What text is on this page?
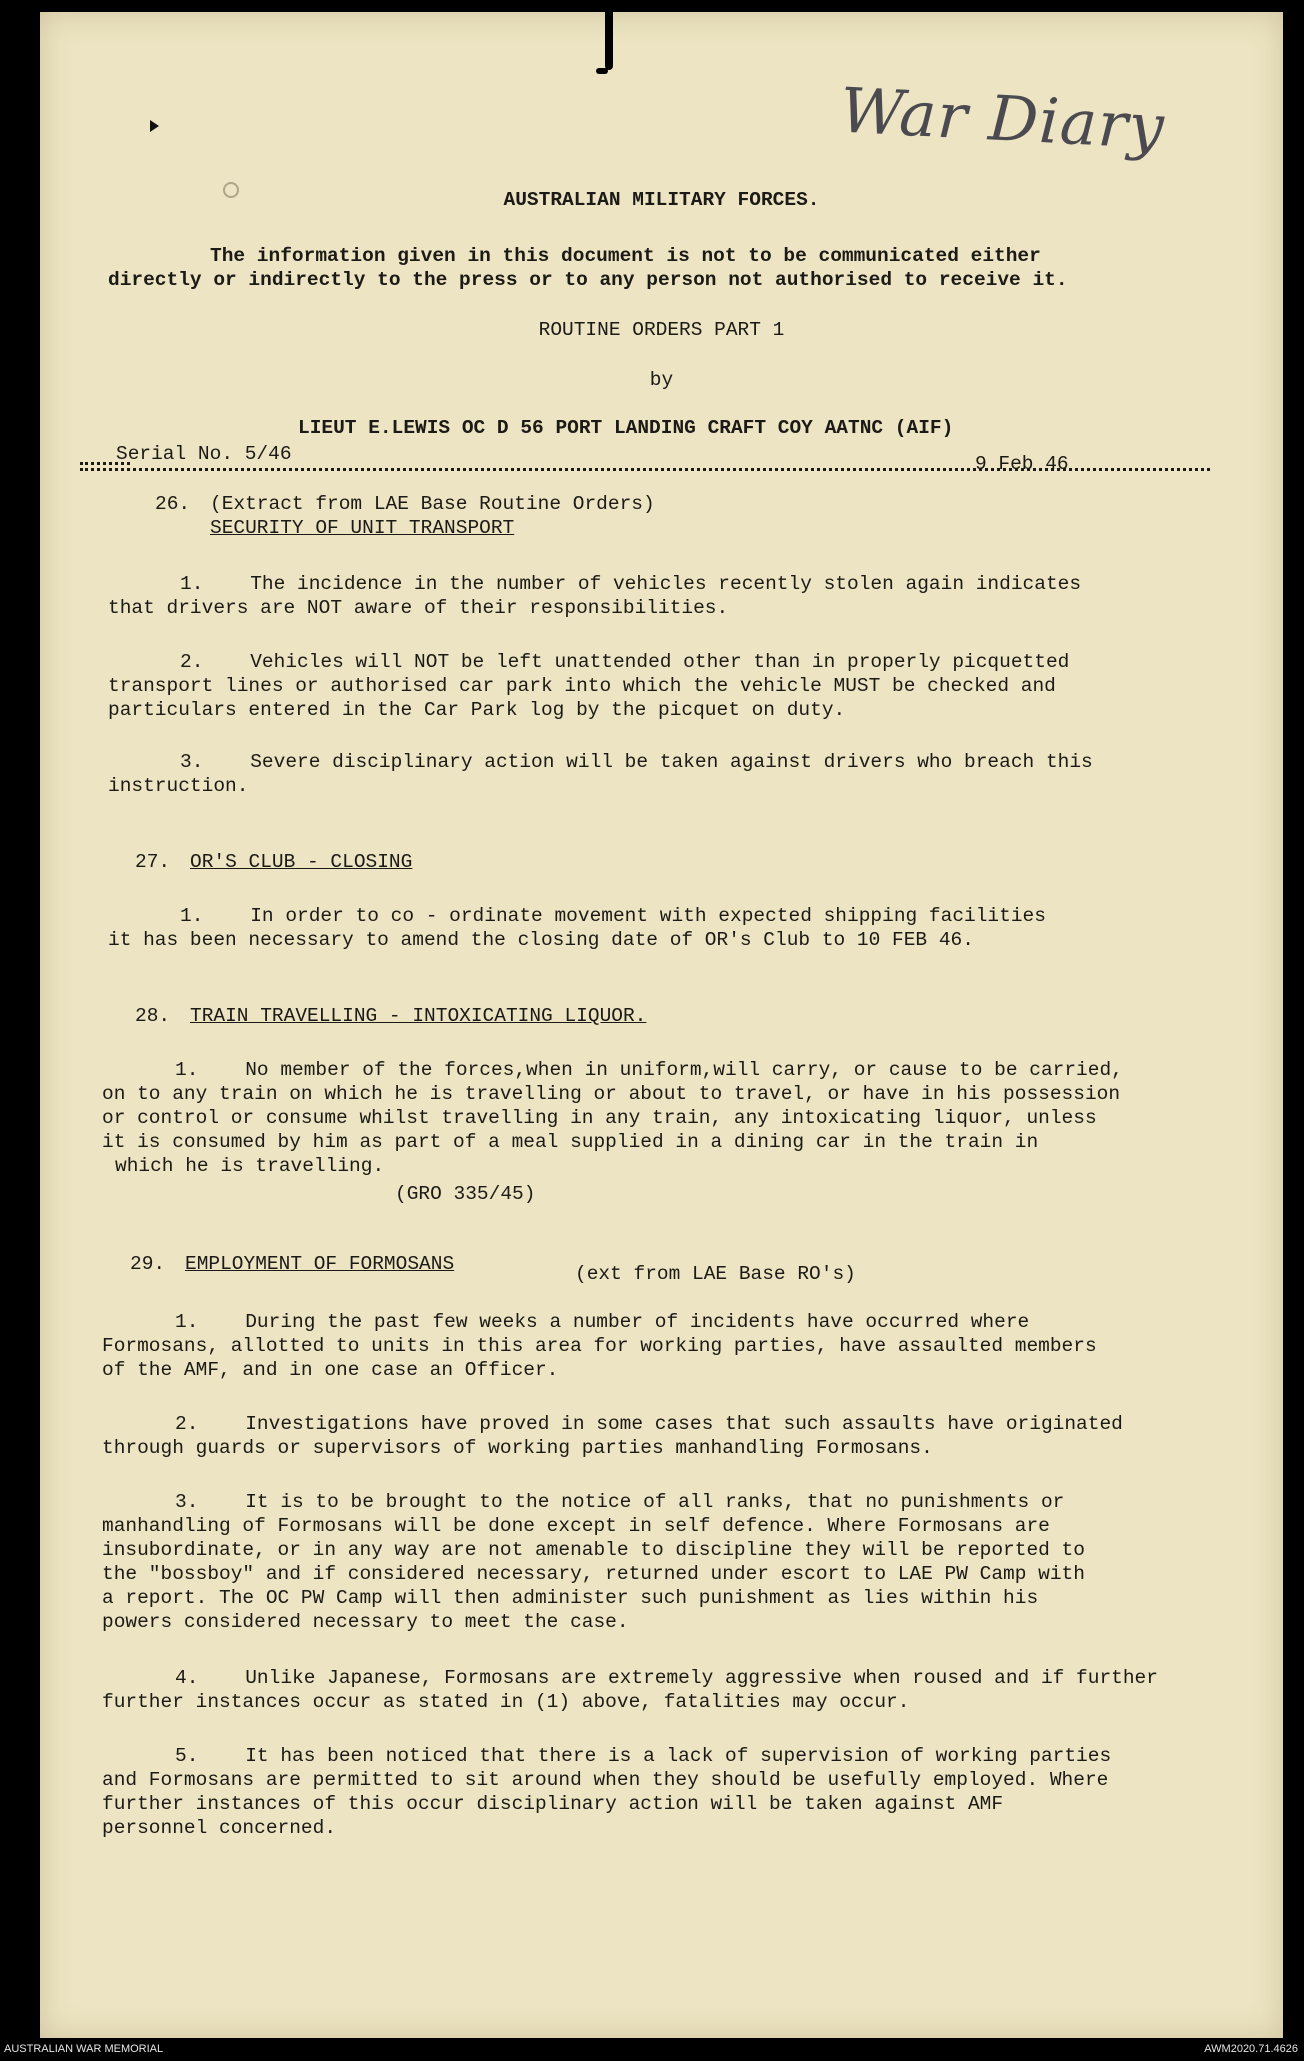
War Diary
AUSTRALIAN MILITARY FORCES.
The information given in this document is not to be communicated either
directly or indirectly to the press or to any person not authorised to receive it.
ROUTINE ORDERS PART 1
by
LIEUT E.LEWIS OC D 56 PORT LANDING CRAFT COY AATNC (AIF)
Serial No. 5/46	9 Feb 46
26. (Extract from LAE Base Routine Orders)
SECURITY OF UNIT TRANSPORT
1.    The incidence in the number of vehicles recently stolen again indicates
that drivers are NOT aware of their responsibilities.
2.    Vehicles will NOT be left unattended other than in properly picquetted
transport lines or authorised car park into which the vehicle MUST be checked and
particulars entered in the Car Park log by the picquet on duty.
3.    Severe disciplinary action will be taken against drivers who breach this
instruction.
27. OR'S CLUB - CLOSING
1.    In order to co - ordinate movement with expected shipping facilities
it has been necessary to amend the closing date of OR's Club to 10 FEB 46.
28. TRAIN TRAVELLING - INTOXICATING LIQUOR.
1.    No member of the forces,when in uniform,will carry, or cause to be carried,
on to any train on which he is travelling or about to travel, or have in his possession
or control or consume whilst travelling in any train, any intoxicating liquor, unless
it is consumed by him as part of a meal supplied in a dining car in the train in
which he is travelling.
(GRO 335/45)
29. EMPLOYMENT OF FORMOSANS	(ext from LAE Base RO's)
1.    During the past few weeks a number of incidents have occurred where
Formosans, allotted to units in this area for working parties, have assaulted members
of the AMF, and in one case an Officer.
2.    Investigations have proved in some cases that such assaults have originated
through guards or supervisors of working parties manhandling Formosans.
3.    It is to be brought to the notice of all ranks, that no punishments or
manhandling of Formosans will be done except in self defence. Where Formosans are
insubordinate, or in any way are not amenable to discipline they will be reported to
the "bossboy" and if considered necessary, returned under escort to LAE PW Camp with
a report. The OC PW Camp will then administer such punishment as lies within his
powers considered necessary to meet the case.
4.    Unlike Japanese, Formosans are extremely aggressive when roused and if further
further instances occur as stated in (1) above, fatalities may occur.
5.    It has been noticed that there is a lack of supervision of working parties
and Formosans are permitted to sit around when they should be usefully employed. Where
further instances of this occur disciplinary action will be taken against AMF
personnel concerned.
AUSTRALIAN WAR MEMORIAL	AWM2020.71.4626
